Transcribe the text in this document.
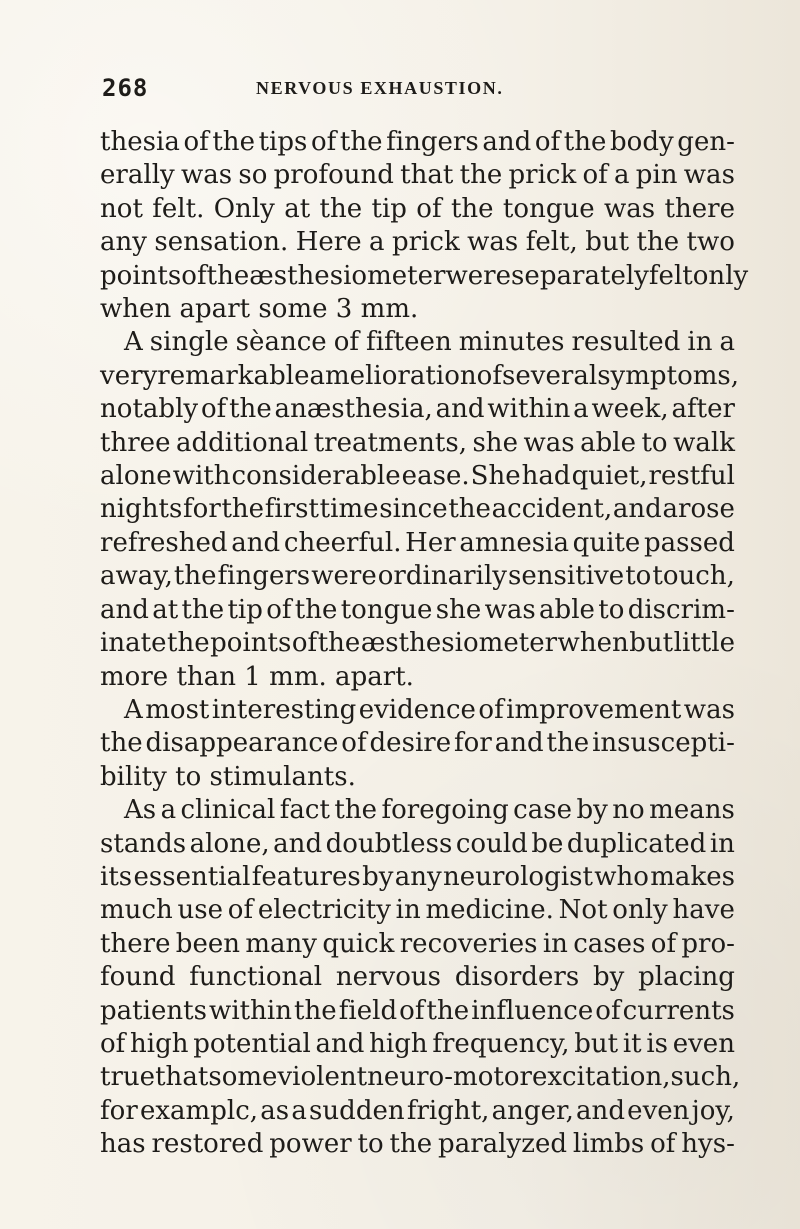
268	NERVOUS EXHAUSTION.
thesia of the tips of the fingers and of the body gen-
erally was so profound that the prick of a pin was
not felt. Only at the tip of the tongue was there
any sensation. Here a prick was felt, but the two
points of the æsthesiometer were separately felt only
when apart some 3 mm.
A single sèance of fifteen minutes resulted in a
very remarkable amelioration of several symptoms,
notably of the anæsthesia, and within a week, after
three additional treatments, she was able to walk
alone with considerable ease. She had quiet, restful
nights for the first time since the accident, and arose
refreshed and cheerful. Her amnesia quite passed
away, the fingers were ordinarily sensitive to touch,
and at the tip of the tongue she was able to discrim-
inate the points of the æsthesiometer when but little
more than 1 mm. apart.
A most interesting evidence of improvement was
the disappearance of desire for and the insuscepti-
bility to stimulants.
As a clinical fact the foregoing case by no means
stands alone, and doubtless could be duplicated in
its essential features by any neurologist who makes
much use of electricity in medicine. Not only have
there been many quick recoveries in cases of pro-
found functional nervous disorders by placing
patients within the field of the influence of currents
of high potential and high frequency, but it is even
true that some violent neuro-motor excitation, such,
for examplc, as a sudden fright, anger, and even joy,
has restored power to the paralyzed limbs of hys-
